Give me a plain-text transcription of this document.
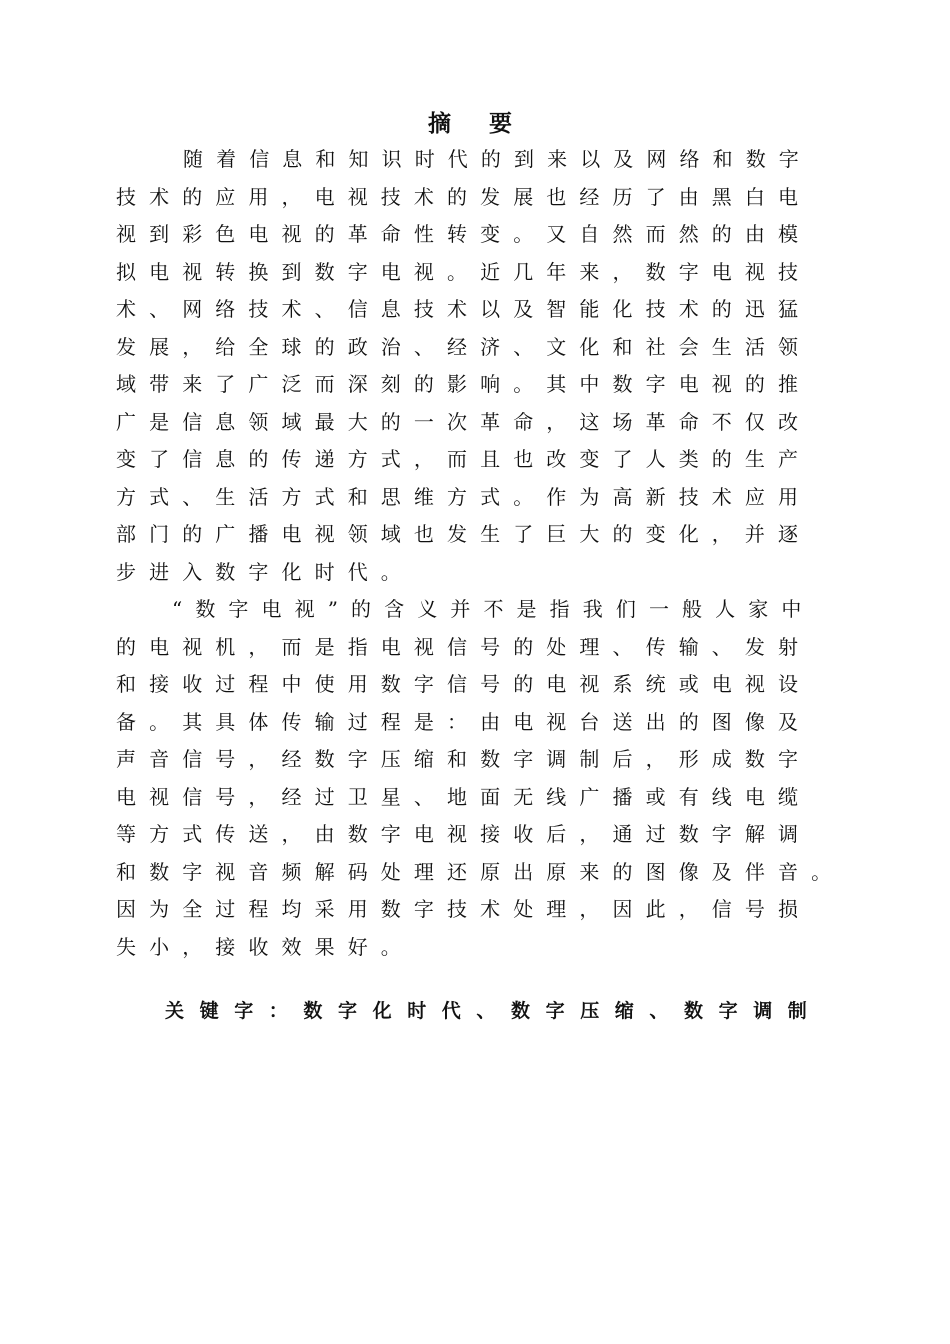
摘 要
随着信息和知识时代的到来以及网络和数字
技术的应用，电视技术的发展也经历了由黑白电
视到彩色电视的革命性转变。又自然而然的由模
拟电视转换到数字电视。近几年来，数字电视技
术、网络技术、信息技术以及智能化技术的迅猛
发展，给全球的政治、经济、文化和社会生活领
域带来了广泛而深刻的影响。其中数字电视的推
广是信息领域最大的一次革命，这场革命不仅改
变了信息的传递方式，而且也改变了人类的生产
方式、生活方式和思维方式。作为高新技术应用
部门的广播电视领域也发生了巨大的变化，并逐
步进入数字化时代。
“数字电视”的含义并不是指我们一般人家中
的电视机，而是指电视信号的处理、传输、发射
和接收过程中使用数字信号的电视系统或电视设
备。其具体传输过程是：由电视台送出的图像及
声音信号，经数字压缩和数字调制后，形成数字
电视信号，经过卫星、地面无线广播或有线电缆
等方式传送，由数字电视接收后，通过数字解调
和数字视音频解码处理还原出原来的图像及伴音。
因为全过程均采用数字技术处理，因此，信号损
失小，接收效果好。
关键字：数字化时代、数字压缩、数字调制
